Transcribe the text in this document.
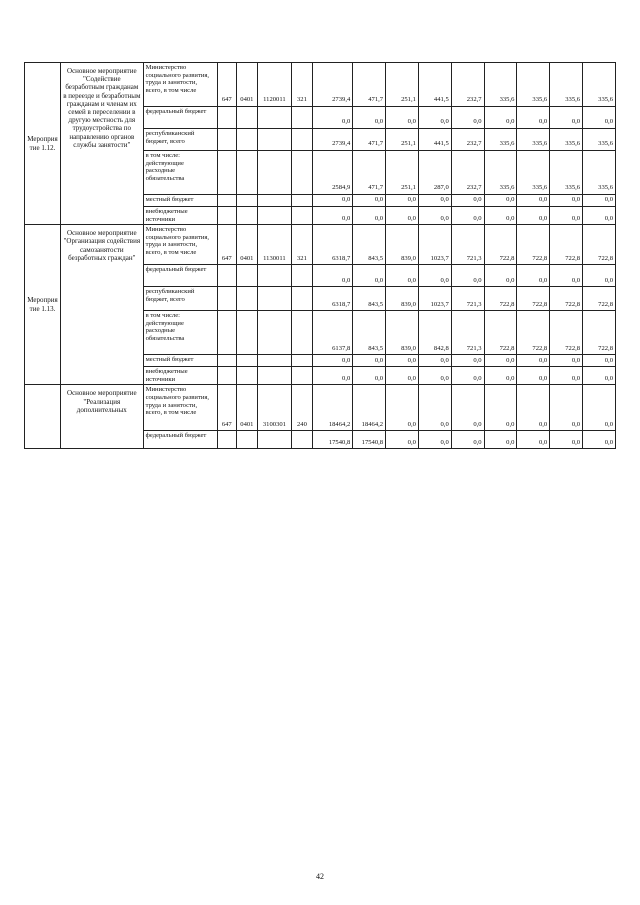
Мероприятие 1.12.	Основное мероприятие "Содействие безработным гражданам в переезде и безработным гражданам и членам их семей в переселении в другую местность для трудоустройства по направлению органов службы занятости"	Министерство социального развития, труда и занятости, всего, в том числе	647	0401	1120011	321	2739,4	471,7	251,1	441,5	232,7	335,6	335,6	335,6	335,6
		федеральный бюджет					0,0	0,0	0,0	0,0	0,0	0,0	0,0	0,0	0,0
		республиканский бюджет, всего					2739,4	471,7	251,1	441,5	232,7	335,6	335,6	335,6	335,6
		в том числе: действующие расходные обязательства					2584,9	471,7	251,1	287,0	232,7	335,6	335,6	335,6	335,6
		местный бюджет					0,0	0,0	0,0	0,0	0,0	0,0	0,0	0,0	0,0
		внебюджетные источники					0,0	0,0	0,0	0,0	0,0	0,0	0,0	0,0	0,0
Мероприятие 1.13.	Основное мероприятие "Организация содействия самозанятости безработных граждан"	Министерство социального развития, труда и занятости, всего, в том числе	647	0401	1130011	321	6318,7	843,5	839,0	1023,7	721,3	722,8	722,8	722,8	722,8
		федеральный бюджет					0,0	0,0	0,0	0,0	0,0	0,0	0,0	0,0	0,0
		республиканский бюджет, всего					6318,7	843,5	839,0	1023,7	721,3	722,8	722,8	722,8	722,8
		в том числе: действующие расходные обязательства					6137,8	843,5	839,0	842,8	721,3	722,8	722,8	722,8	722,8
		местный бюджет					0,0	0,0	0,0	0,0	0,0	0,0	0,0	0,0	0,0
		внебюджетные источники					0,0	0,0	0,0	0,0	0,0	0,0	0,0	0,0	0,0
	Основное мероприятие "Реализация дополнительных	Министерство социального развития, труда и занятости, всего, в том числе	647	0401	3100301	240	18464,2	18464,2	0,0	0,0	0,0	0,0	0,0	0,0	0,0
		федеральный бюджет					17540,8	17540,8	0,0	0,0	0,0	0,0	0,0	0,0	0,0
42
